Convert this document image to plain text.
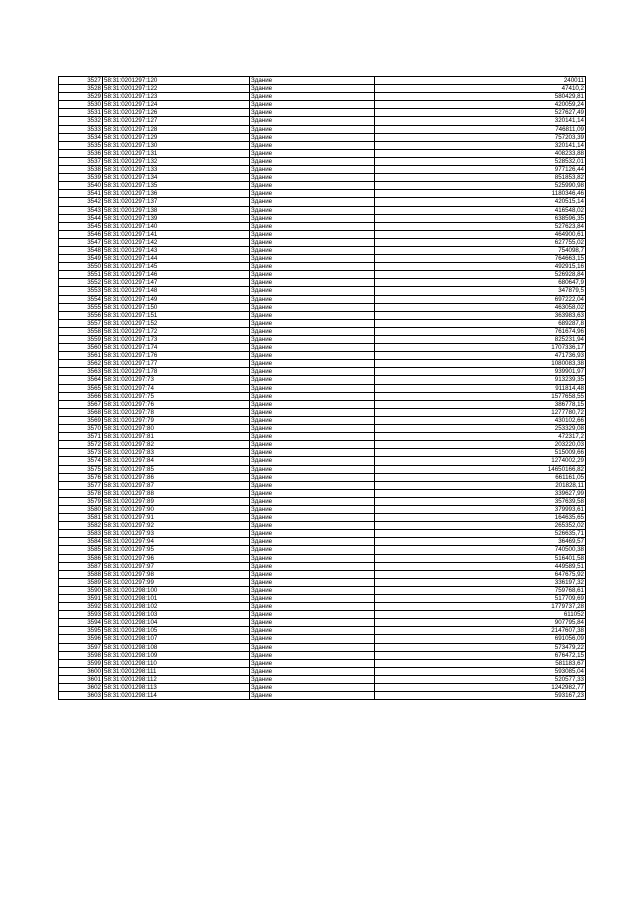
3527	58:31:0201297:120	Здание	240011
3528	58:31:0201297:122	Здание	47410,2
3529	58:31:0201297:123	Здание	580429,81
3530	58:31:0201297:124	Здание	420059,24
3531	58:31:0201297:126	Здание	527627,49
3532	58:31:0201297:127	Здание	320141,14
3533	58:31:0201297:128	Здание	746811,09
3534	58:31:0201297:129	Здание	757203,39
3535	58:31:0201297:130	Здание	320141,14
3536	58:31:0201297:131	Здание	408233,88
3537	58:31:0201297:132	Здание	528532,01
3538	58:31:0201297:133	Здание	977126,44
3539	58:31:0201297:134	Здание	851853,82
3540	58:31:0201297:135	Здание	525990,98
3541	58:31:0201297:136	Здание	1180346,46
3542	58:31:0201297:137	Здание	420515,14
3543	58:31:0201297:138	Здание	416548,02
3544	58:31:0201297:139	Здание	638596,35
3545	58:31:0201297:140	Здание	527623,84
3546	58:31:0201297:141	Здание	464900,61
3547	58:31:0201297:142	Здание	627755,02
3548	58:31:0201297:143	Здание	754098,7
3549	58:31:0201297:144	Здание	764663,15
3550	58:31:0201297:145	Здание	492915,16
3551	58:31:0201297:146	Здание	526928,84
3552	58:31:0201297:147	Здание	680647,9
3553	58:31:0201297:148	Здание	347879,5
3554	58:31:0201297:149	Здание	697222,04
3555	58:31:0201297:150	Здание	463058,02
3556	58:31:0201297:151	Здание	363983,63
3557	58:31:0201297:152	Здание	689287,8
3558	58:31:0201297:172	Здание	761674,96
3559	58:31:0201297:173	Здание	825231,94
3560	58:31:0201297:174	Здание	1707336,17
3561	58:31:0201297:176	Здание	471736,93
3562	58:31:0201297:177	Здание	1080083,38
3563	58:31:0201297:178	Здание	939901,97
3564	58:31:0201297:73	Здание	913239,35
3565	58:31:0201297:74	Здание	911814,48
3566	58:31:0201297:75	Здание	1577658,55
3567	58:31:0201297:76	Здание	386778,15
3568	58:31:0201297:78	Здание	1277780,72
3569	58:31:0201297:79	Здание	430102,66
3570	58:31:0201297:80	Здание	253329,08
3571	58:31:0201297:81	Здание	472317,2
3572	58:31:0201297:82	Здание	203220,03
3573	58:31:0201297:83	Здание	515009,66
3574	58:31:0201297:84	Здание	1274002,29
3575	58:31:0201297:85	Здание	14650166,82
3576	58:31:0201297:86	Здание	661161,05
3577	58:31:0201297:87	Здание	201828,11
3578	58:31:0201297:88	Здание	339627,99
3579	58:31:0201297:89	Здание	357639,58
3580	58:31:0201297:90	Здание	379993,61
3581	58:31:0201297:91	Здание	164635,65
3582	58:31:0201297:92	Здание	265352,02
3583	58:31:0201297:93	Здание	526635,71
3584	58:31:0201297:94	Здание	36469,57
3585	58:31:0201297:95	Здание	740500,38
3586	58:31:0201297:96	Здание	516401,58
3587	58:31:0201297:97	Здание	449589,51
3588	58:31:0201297:98	Здание	647675,92
3589	58:31:0201297:99	Здание	336197,32
3590	58:31:0201298:100	Здание	759768,61
3591	58:31:0201298:101	Здание	517709,69
3592	58:31:0201298:102	Здание	1779737,28
3593	58:31:0201298:103	Здание	611052
3594	58:31:0201298:104	Здание	907795,84
3595	58:31:0201298:105	Здание	2147607,38
3596	58:31:0201298:107	Здание	691056,09
3597	58:31:0201298:108	Здание	573479,22
3598	58:31:0201298:109	Здание	676472,15
3599	58:31:0201298:110	Здание	581183,67
3600	58:31:0201298:111	Здание	593085,04
3601	58:31:0201298:112	Здание	520577,33
3602	58:31:0201298:113	Здание	1242982,77
3603	58:31:0201298:114	Здание	593167,23
